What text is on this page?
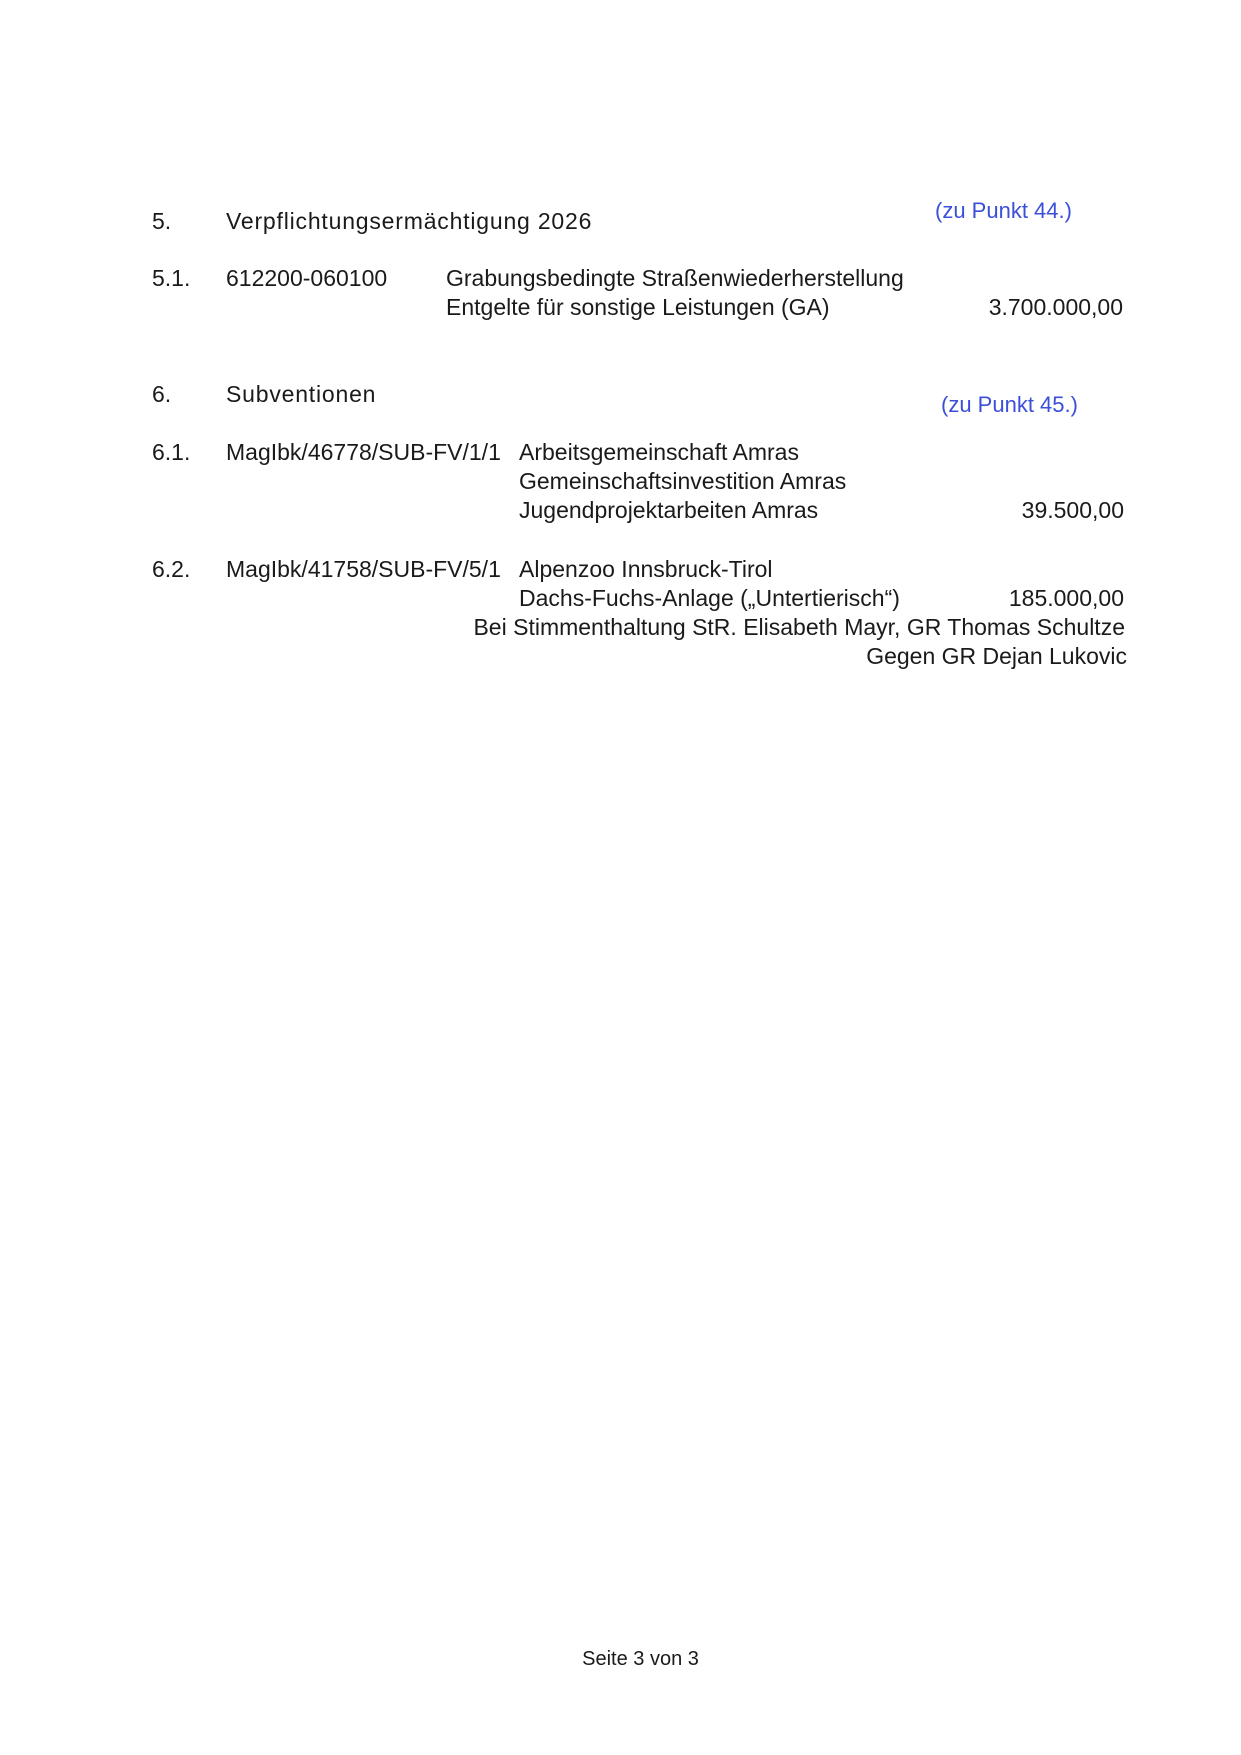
5. Verpflichtungsermächtigung 2026	(zu Punkt 44.)
5.1. 612200-060100	Grabungsbedingte Straßenwiederherstellung
Entgelte für sonstige Leistungen (GA)	3.700.000,00
6. Subventionen	(zu Punkt 45.)
6.1. MagIbk/46778/SUB-FV/1/1 Arbeitsgemeinschaft Amras
Gemeinschaftsinvestition Amras
Jugendprojektarbeiten Amras	39.500,00
6.2. MagIbk/41758/SUB-FV/5/1 Alpenzoo Innsbruck-Tirol
Dachs-Fuchs-Anlage („Untertierisch“)	185.000,00
Bei Stimmenthaltung StR. Elisabeth Mayr, GR Thomas Schultze
Gegen GR Dejan Lukovic
Seite 3 von 3
